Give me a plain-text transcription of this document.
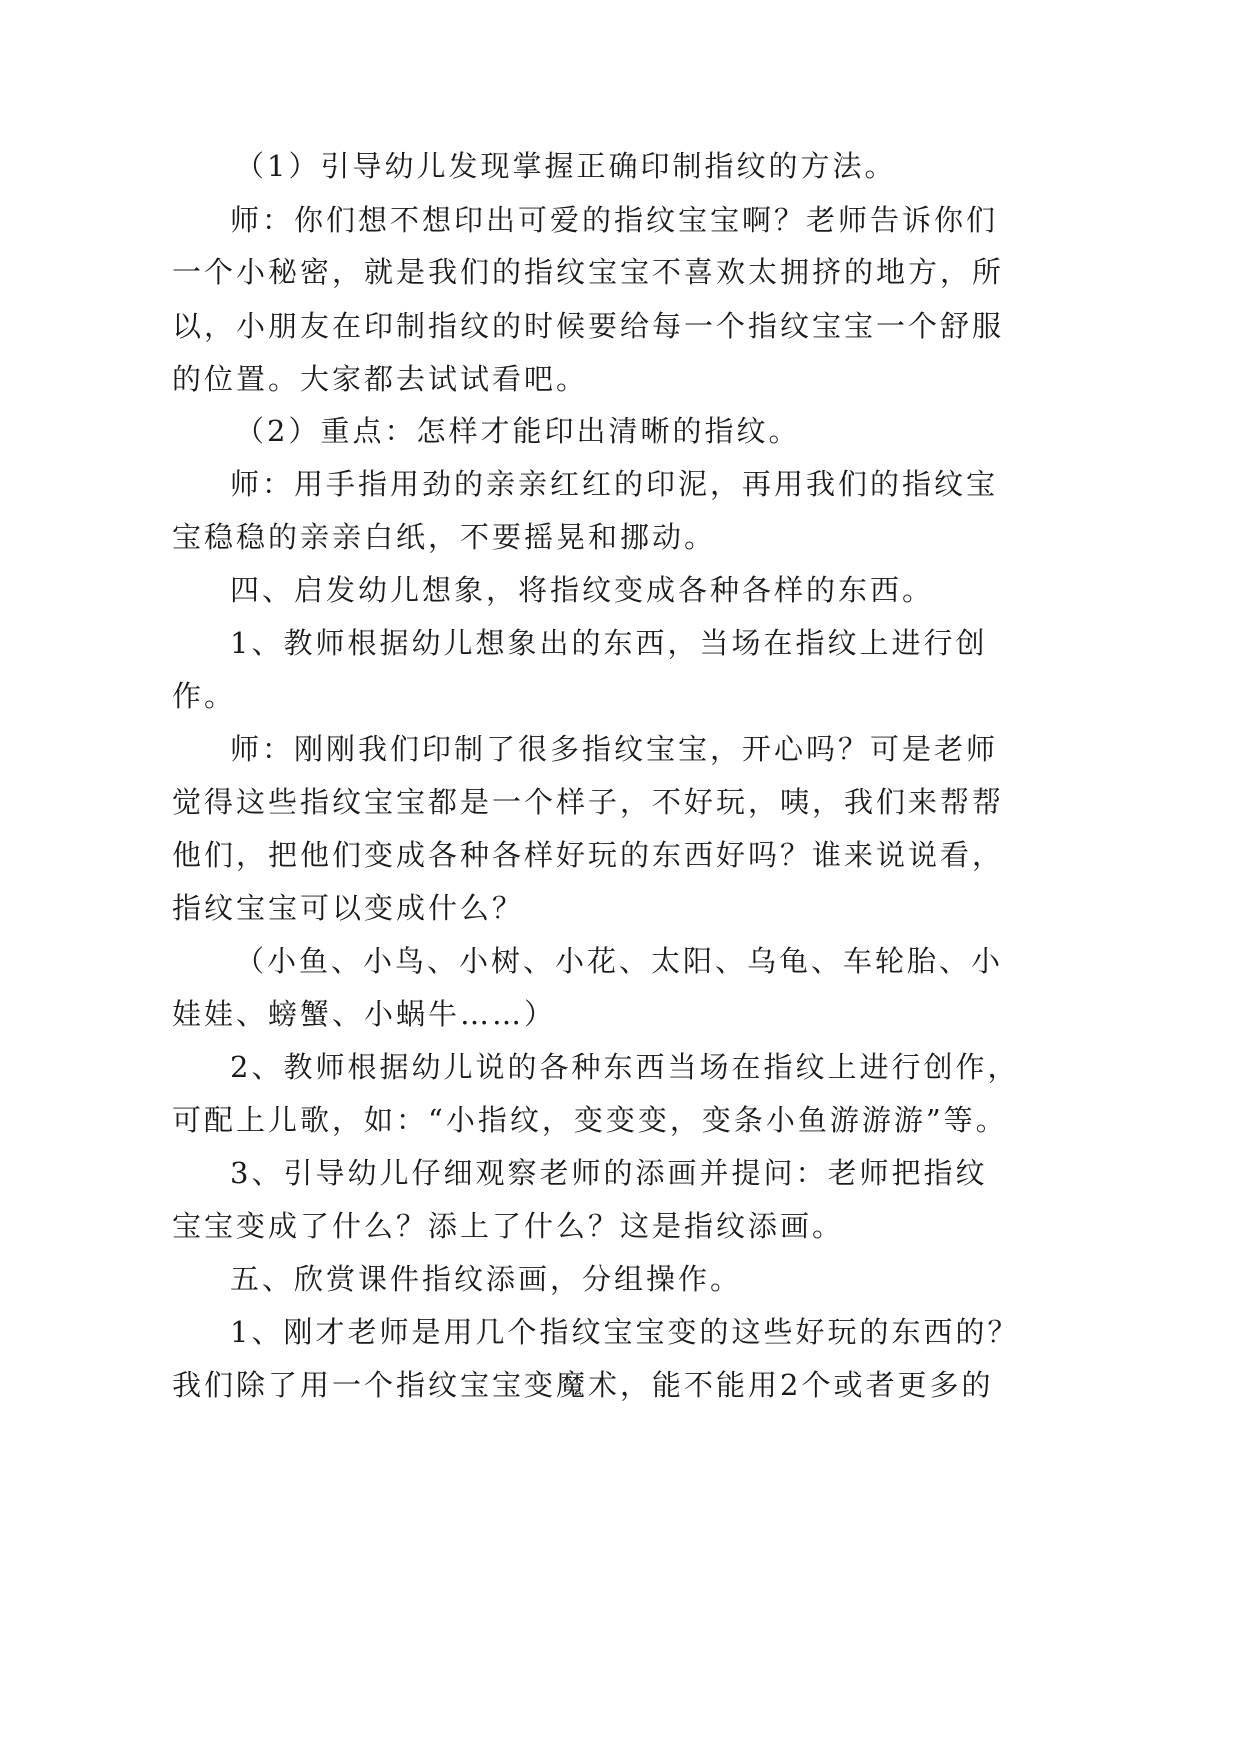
（1）引导幼儿发现掌握正确印制指纹的方法。
师：你们想不想印出可爱的指纹宝宝啊？老师告诉你们
一个小秘密，就是我们的指纹宝宝不喜欢太拥挤的地方，所
以，小朋友在印制指纹的时候要给每一个指纹宝宝一个舒服
的位置。大家都去试试看吧。
（2）重点：怎样才能印出清晰的指纹。
师：用手指用劲的亲亲红红的印泥，再用我们的指纹宝
宝稳稳的亲亲白纸，不要摇晃和挪动。
四、启发幼儿想象，将指纹变成各种各样的东西。
1、教师根据幼儿想象出的东西，当场在指纹上进行创
作。
师：刚刚我们印制了很多指纹宝宝，开心吗？可是老师
觉得这些指纹宝宝都是一个样子，不好玩，咦，我们来帮帮
他们，把他们变成各种各样好玩的东西好吗？谁来说说看，
指纹宝宝可以变成什么？
（小鱼、小鸟、小树、小花、太阳、乌龟、车轮胎、小
娃娃、螃蟹、小蜗牛……）
2、教师根据幼儿说的各种东西当场在指纹上进行创作，
可配上儿歌，如：“小指纹，变变变，变条小鱼游游游”等。
3、引导幼儿仔细观察老师的添画并提问：老师把指纹
宝宝变成了什么？添上了什么？这是指纹添画。
五、欣赏课件指纹添画，分组操作。
1、刚才老师是用几个指纹宝宝变的这些好玩的东西的？
我们除了用一个指纹宝宝变魔术，能不能用2个或者更多的
